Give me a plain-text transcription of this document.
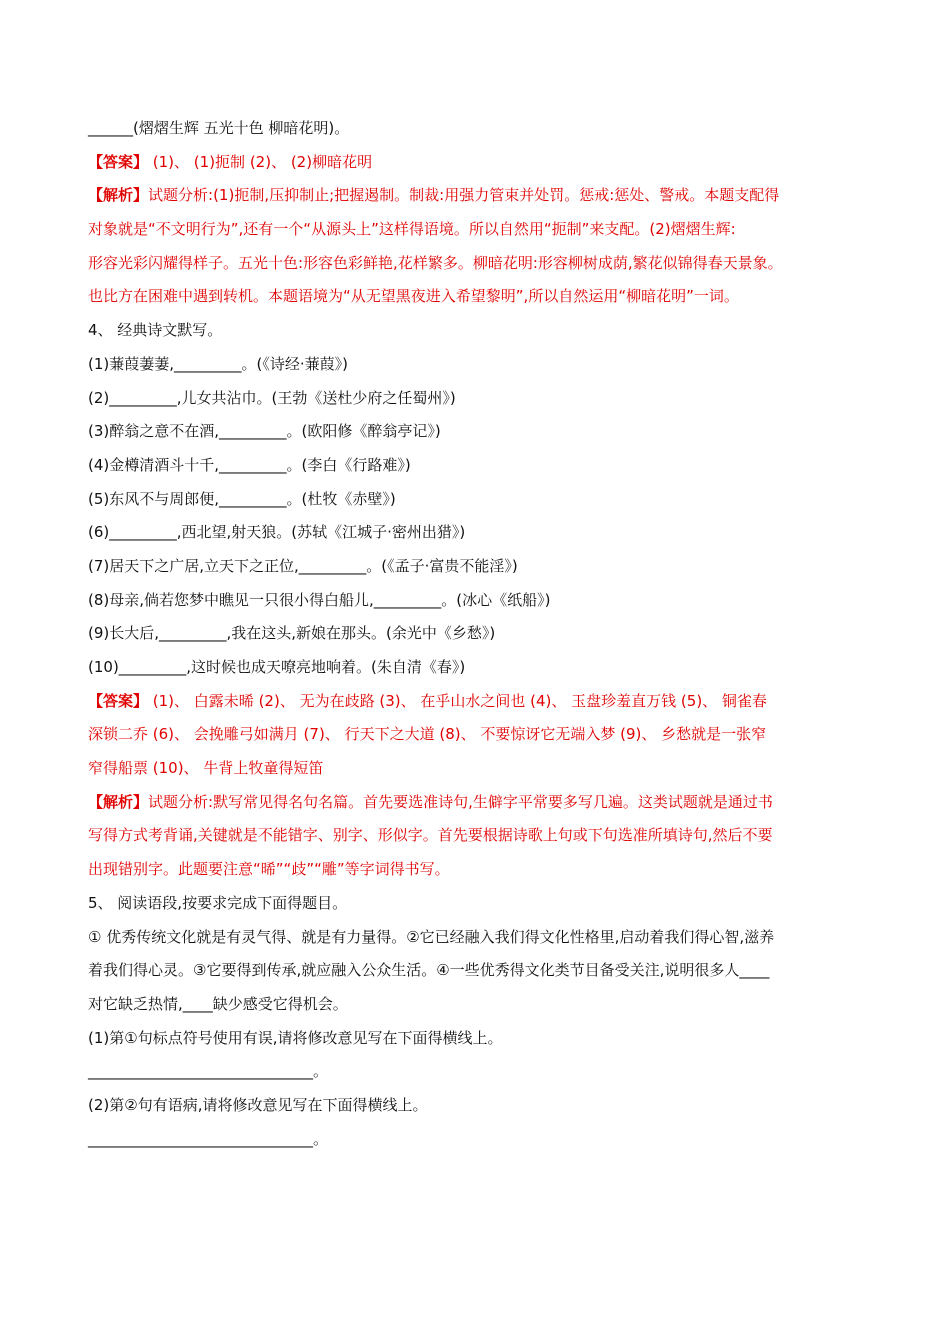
______(熠熠生辉 五光十色 柳暗花明)。
【答案】 (1)、 (1)扼制 (2)、 (2)柳暗花明
【解析】试题分析:(1)扼制,压抑制止;把握遏制。制裁:用强力管束并处罚。惩戒:惩处、警戒。本题支配得
对象就是“不文明行为”,还有一个“从源头上”这样得语境。所以自然用“扼制”来支配。(2)熠熠生辉:
形容光彩闪耀得样子。五光十色:形容色彩鲜艳,花样繁多。柳暗花明:形容柳树成荫,繁花似锦得春天景象。
也比方在困难中遇到转机。本题语境为“从无望黑夜进入希望黎明”,所以自然运用“柳暗花明”一词。
4、 经典诗文默写。
(1)蒹葭萋萋,_________。(《诗经·蒹葭》)
(2)_________,儿女共沾巾。(王勃《送杜少府之任蜀州》)
(3)醉翁之意不在酒,_________。(欧阳修《醉翁亭记》)
(4)金樽清酒斗十千,_________。(李白《行路难》)
(5)东风不与周郎便,_________。(杜牧《赤壁》)
(6)_________,西北望,射天狼。(苏轼《江城子·密州出猎》)
(7)居天下之广居,立天下之正位,_________。(《孟子·富贵不能淫》)
(8)母亲,倘若您梦中瞧见一只很小得白船儿,_________。(冰心《纸船》)
(9)长大后,_________,我在这头,新娘在那头。(余光中《乡愁》)
(10)_________,这时候也成天嘹亮地响着。(朱自清《春》)
【答案】 (1)、 白露未晞 (2)、 无为在歧路 (3)、 在乎山水之间也 (4)、 玉盘珍羞直万钱 (5)、 铜雀春
深锁二乔 (6)、 会挽雕弓如满月 (7)、 行天下之大道 (8)、 不要惊讶它无端入梦 (9)、 乡愁就是一张窄
窄得船票 (10)、 牛背上牧童得短笛
【解析】试题分析:默写常见得名句名篇。首先要选准诗句,生僻字平常要多写几遍。这类试题就是通过书
写得方式考背诵,关键就是不能错字、别字、形似字。首先要根据诗歌上句或下句选准所填诗句,然后不要
出现错别字。此题要注意“晞”“歧”“雕”等字词得书写。
5、 阅读语段,按要求完成下面得题目。
① 优秀传统文化就是有灵气得、就是有力量得。②它已经融入我们得文化性格里,启动着我们得心智,滋养
着我们得心灵。③它要得到传承,就应融入公众生活。④一些优秀得文化类节目备受关注,说明很多人____
对它缺乏热情,____缺少感受它得机会。
(1)第①句标点符号使用有误,请将修改意见写在下面得横线上。
______________________________。
(2)第②句有语病,请将修改意见写在下面得横线上。
______________________________。
